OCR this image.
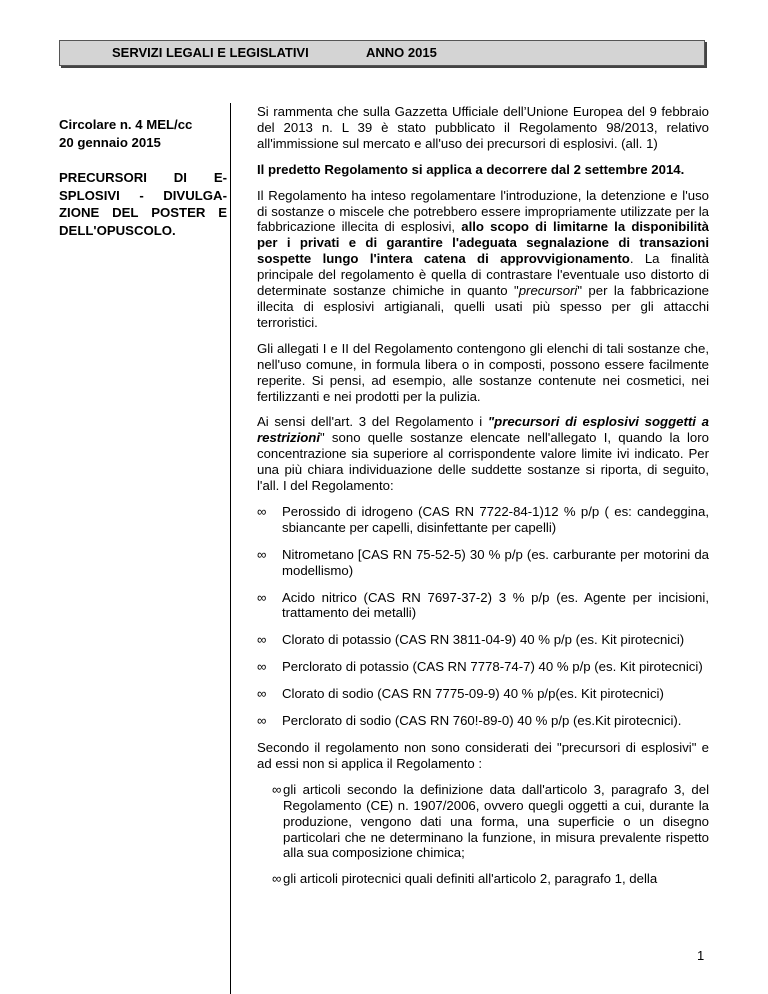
SERVIZI LEGALI E LEGISLATIVI	ANNO 2015
Circolare n. 4 MEL/cc
20 gennaio 2015
PRECURSORI DI E-
SPLOSIVI - DIVULGA-
ZIONE DEL POSTER E
DELL'OPUSCOLO.

Si rammenta che sulla Gazzetta Ufficiale dell’Unione Europea del 9 febbraio del 2013 n. L 39 è stato pubblicato il Regolamento 98/2013, relativo all'immissione sul mercato e all'uso dei precursori di esplosivi. (all. 1)

Il predetto Regolamento si applica a decorrere dal 2 settembre 2014.

Il Regolamento ha inteso regolamentare l'introduzione, la detenzione e l'uso di sostanze o miscele che potrebbero essere impropriamente utilizzate per la fabbricazione illecita di esplosivi, allo scopo di limitarne la disponibilità per i privati e di garantire l'adeguata segnalazione di transazioni sospette lungo l'intera catena di approvvigionamento. La finalità principale del regolamento è quella di contrastare l'eventuale uso distorto di determinate sostanze chimiche in quanto "precursori" per la fabbricazione illecita di esplosivi artigianali, quelli usati più spesso per gli attacchi terroristici.

Gli allegati I e II del Regolamento contengono gli elenchi di tali sostanze che, nell'uso comune, in formula libera o in composti, possono essere facilmente reperite. Si pensi, ad esempio, alle sostanze contenute nei cosmetici, nei fertilizzanti e nei prodotti per la pulizia.

Ai sensi dell'art. 3 del Regolamento i "precursori di esplosivi soggetti a restrizioni" sono quelle sostanze elencate nell'allegato I, quando la loro concentrazione sia superiore al corrispondente valore limite ivi indicato. Per una più chiara individuazione delle suddette sostanze si riporta, di seguito, l'all. I del Regolamento:

∞ Perossido di idrogeno (CAS RN 7722-84-1)12 % p/p ( es: candeggina, sbiancante per capelli, disinfettante per capelli)
∞ Nitrometano [CAS RN 75-52-5) 30 % p/p (es. carburante per motorini da modellismo)
∞ Acido nitrico (CAS RN 7697-37-2) 3 % p/p (es. Agente per incisioni, trattamento dei metalli)
∞ Clorato di potassio (CAS RN 3811-04-9) 40 % p/p (es. Kit pirotecnici)
∞ Perclorato di potassio (CAS RN 7778-74-7) 40 % p/p (es. Kit pirotecnici)
∞ Clorato di sodio (CAS RN 7775-09-9) 40 % p/p(es. Kit pirotecnici)
∞ Perclorato di sodio (CAS RN 760!-89-0) 40 % p/p (es.Kit pirotecnici).

Secondo il regolamento non sono considerati dei "precursori di esplosivi" e ad essi non si applica il Regolamento :

∞ gli articoli secondo la definizione data dall'articolo 3, paragrafo 3, del Regolamento (CE) n. 1907/2006, ovvero quegli oggetti a cui, durante la produzione, vengono dati una forma, una superficie o un disegno particolari che ne determinano la funzione, in misura prevalente rispetto alla sua composizione chimica;
∞ gli articoli pirotecnici quali definiti all'articolo 2, paragrafo 1, della
1
